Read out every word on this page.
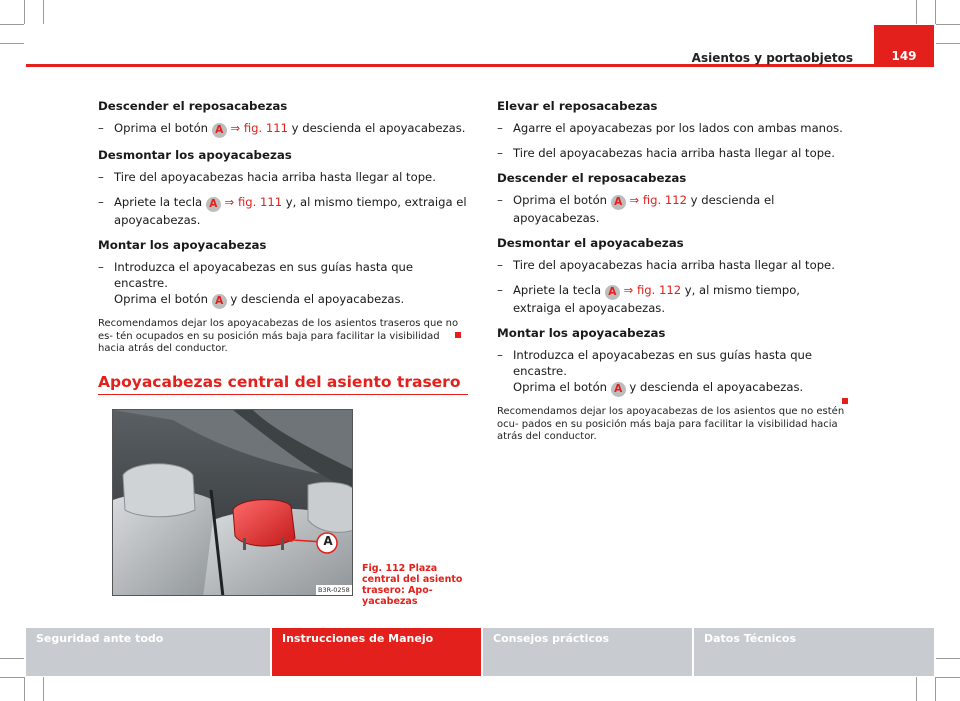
149
Asientos y portaobjetos
Descender el reposacabezas
– Oprima el botón A ⇒ fig. 111 y descienda el apoyacabezas.
Desmontar los apoyacabezas
– Tire del apoyacabezas hacia arriba hasta llegar al tope.
– Apriete la tecla A ⇒ fig. 111 y, al mismo tiempo, extraiga el apoyacabezas.
Montar los apoyacabezas
– Introduzca el apoyacabezas en sus guías hasta que encastre.
Oprima el botón A y descienda el apoyacabezas.
Recomendamos dejar los apoyacabezas de los asientos traseros que no es- tén ocupados en su posición más baja para facilitar la visibilidad hacia atrás del conductor.
Apoyacabezas central del asiento trasero
A
B3R-0258
Fig. 112 Plaza central del asiento trasero: Apo- yacabezas
Elevar el reposacabezas
– Agarre el apoyacabezas por los lados con ambas manos.
– Tire del apoyacabezas hacia arriba hasta llegar al tope.
Descender el reposacabezas
– Oprima el botón A ⇒ fig. 112 y descienda el apoyacabezas.
Desmontar el apoyacabezas
– Tire del apoyacabezas hacia arriba hasta llegar al tope.
– Apriete la tecla A ⇒ fig. 112 y, al mismo tiempo, extraiga el apoyacabezas.
Montar los apoyacabezas
– Introduzca el apoyacabezas en sus guías hasta que encastre.
Oprima el botón A y descienda el apoyacabezas.
Recomendamos dejar los apoyacabezas de los asientos que no estén ocu- pados en su posición más baja para facilitar la visibilidad hacia atrás del conductor.
Seguridad ante todo	Instrucciones de Manejo	Consejos prácticos	Datos Técnicos
